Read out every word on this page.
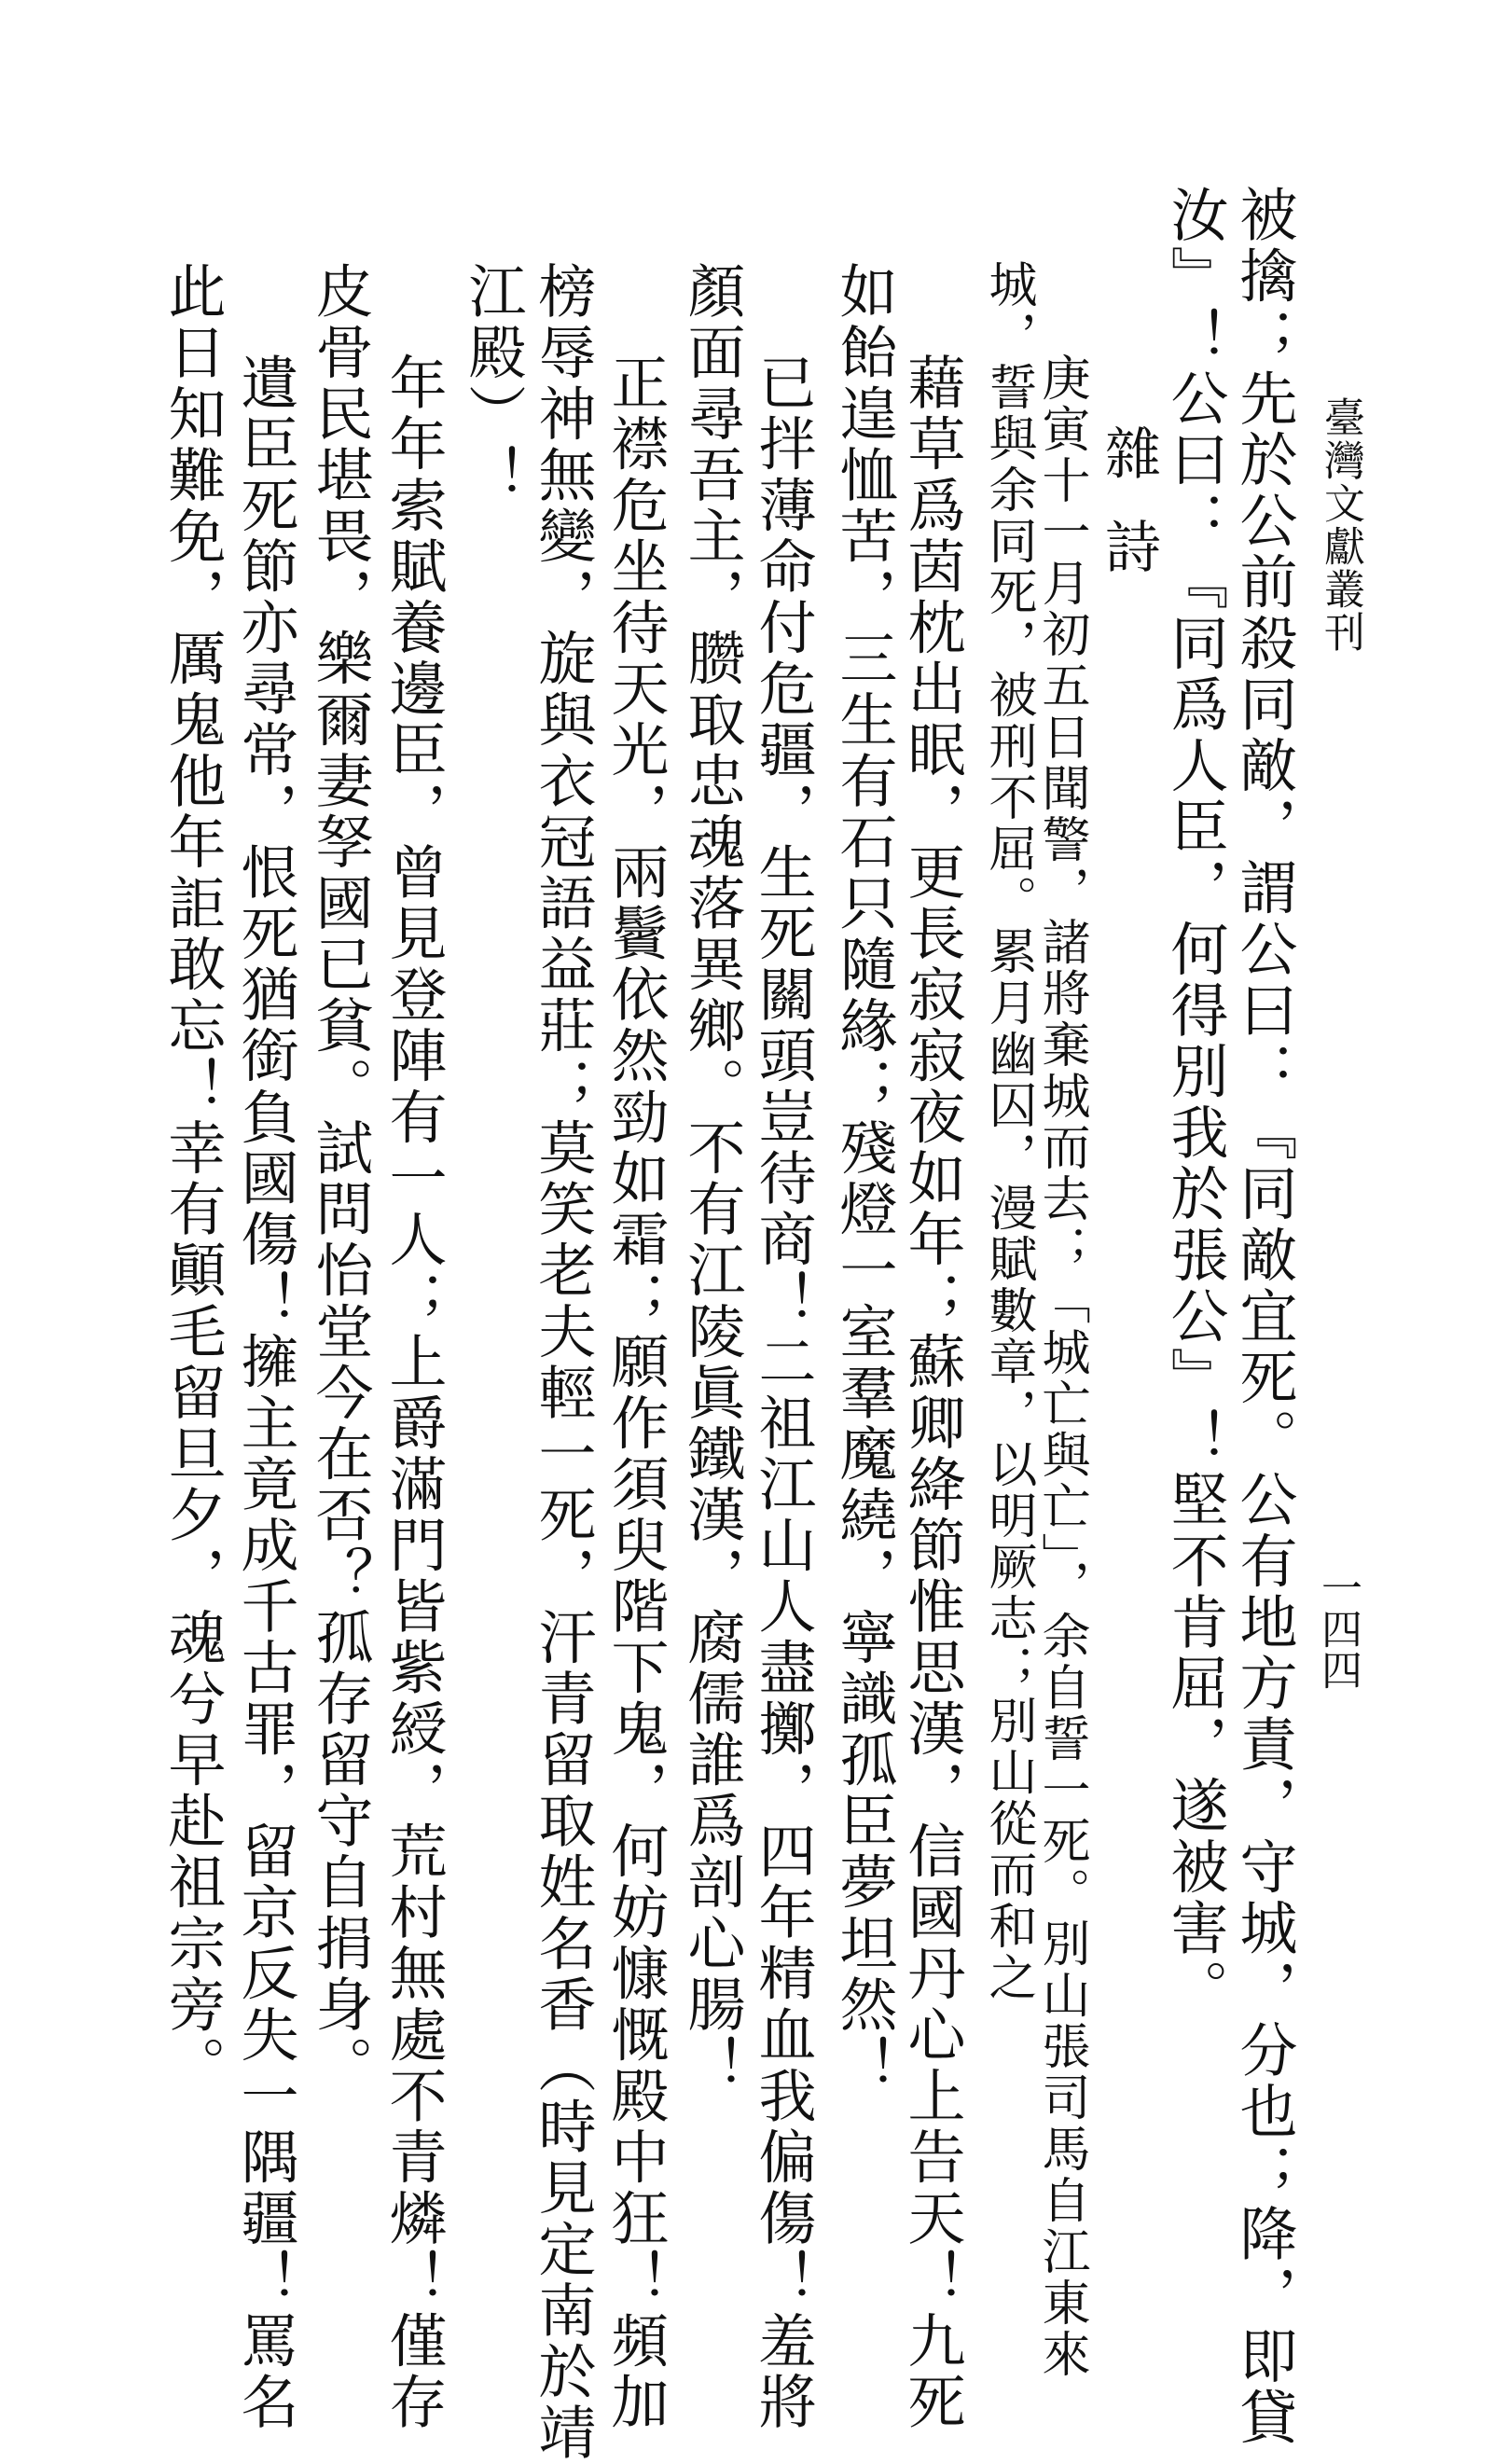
臺灣文獻叢刊
一四四
被擒；先於公前殺同敵，謂公曰：『同敵宜死。公有地方責，守城，分也；降，即貸
汝』！公曰：『同爲人臣，何得別我於張公』！堅不肯屈，遂被害。
雜詩
庚寅十一月初五日聞警，諸將棄城而去；「城亡與亡」，余自誓一死。別山張司馬自江東來
城，誓與余同死，被刑不屈。累月幽囚，漫賦數章，以明厥志；別山從而和之
藉草爲茵枕出眠，更長寂寂夜如年；蘇卿絳節惟思漢，信國丹心上告天！九死
如飴遑恤苦，三生有石只隨緣；殘燈一室羣魔繞，寧識孤臣夢坦然！
已拌薄命付危疆，生死關頭豈待商！二祖江山人盡擲，四年精血我偏傷！羞將
顏面尋吾主，臜取忠魂落異鄉。不有江陵眞鐵漢，腐儒誰爲剖心腸！
正襟危坐待天光，兩鬢依然勁如霜；願作須臾階下鬼，何妨慷慨殿中狂！頻加
榜辱神無變，旋與衣冠語益莊；莫笑老夫輕一死，汗青留取姓名香（時見定南於靖
江殿）！
年年索賦養邊臣，曾見登陣有一人；上爵滿門皆紫綬，荒村無處不青燐！僅存
皮骨民堪畏，樂爾妻孥國已貧。試問怡堂今在否？孤存留守自捐身。
遺臣死節亦尋常，恨死猶銜負國傷！擁主竟成千古罪，留京反失一隅疆！罵名
此日知難免，厲鬼他年詎敢忘！幸有顚毛留旦夕，魂兮早赴祖宗旁。
